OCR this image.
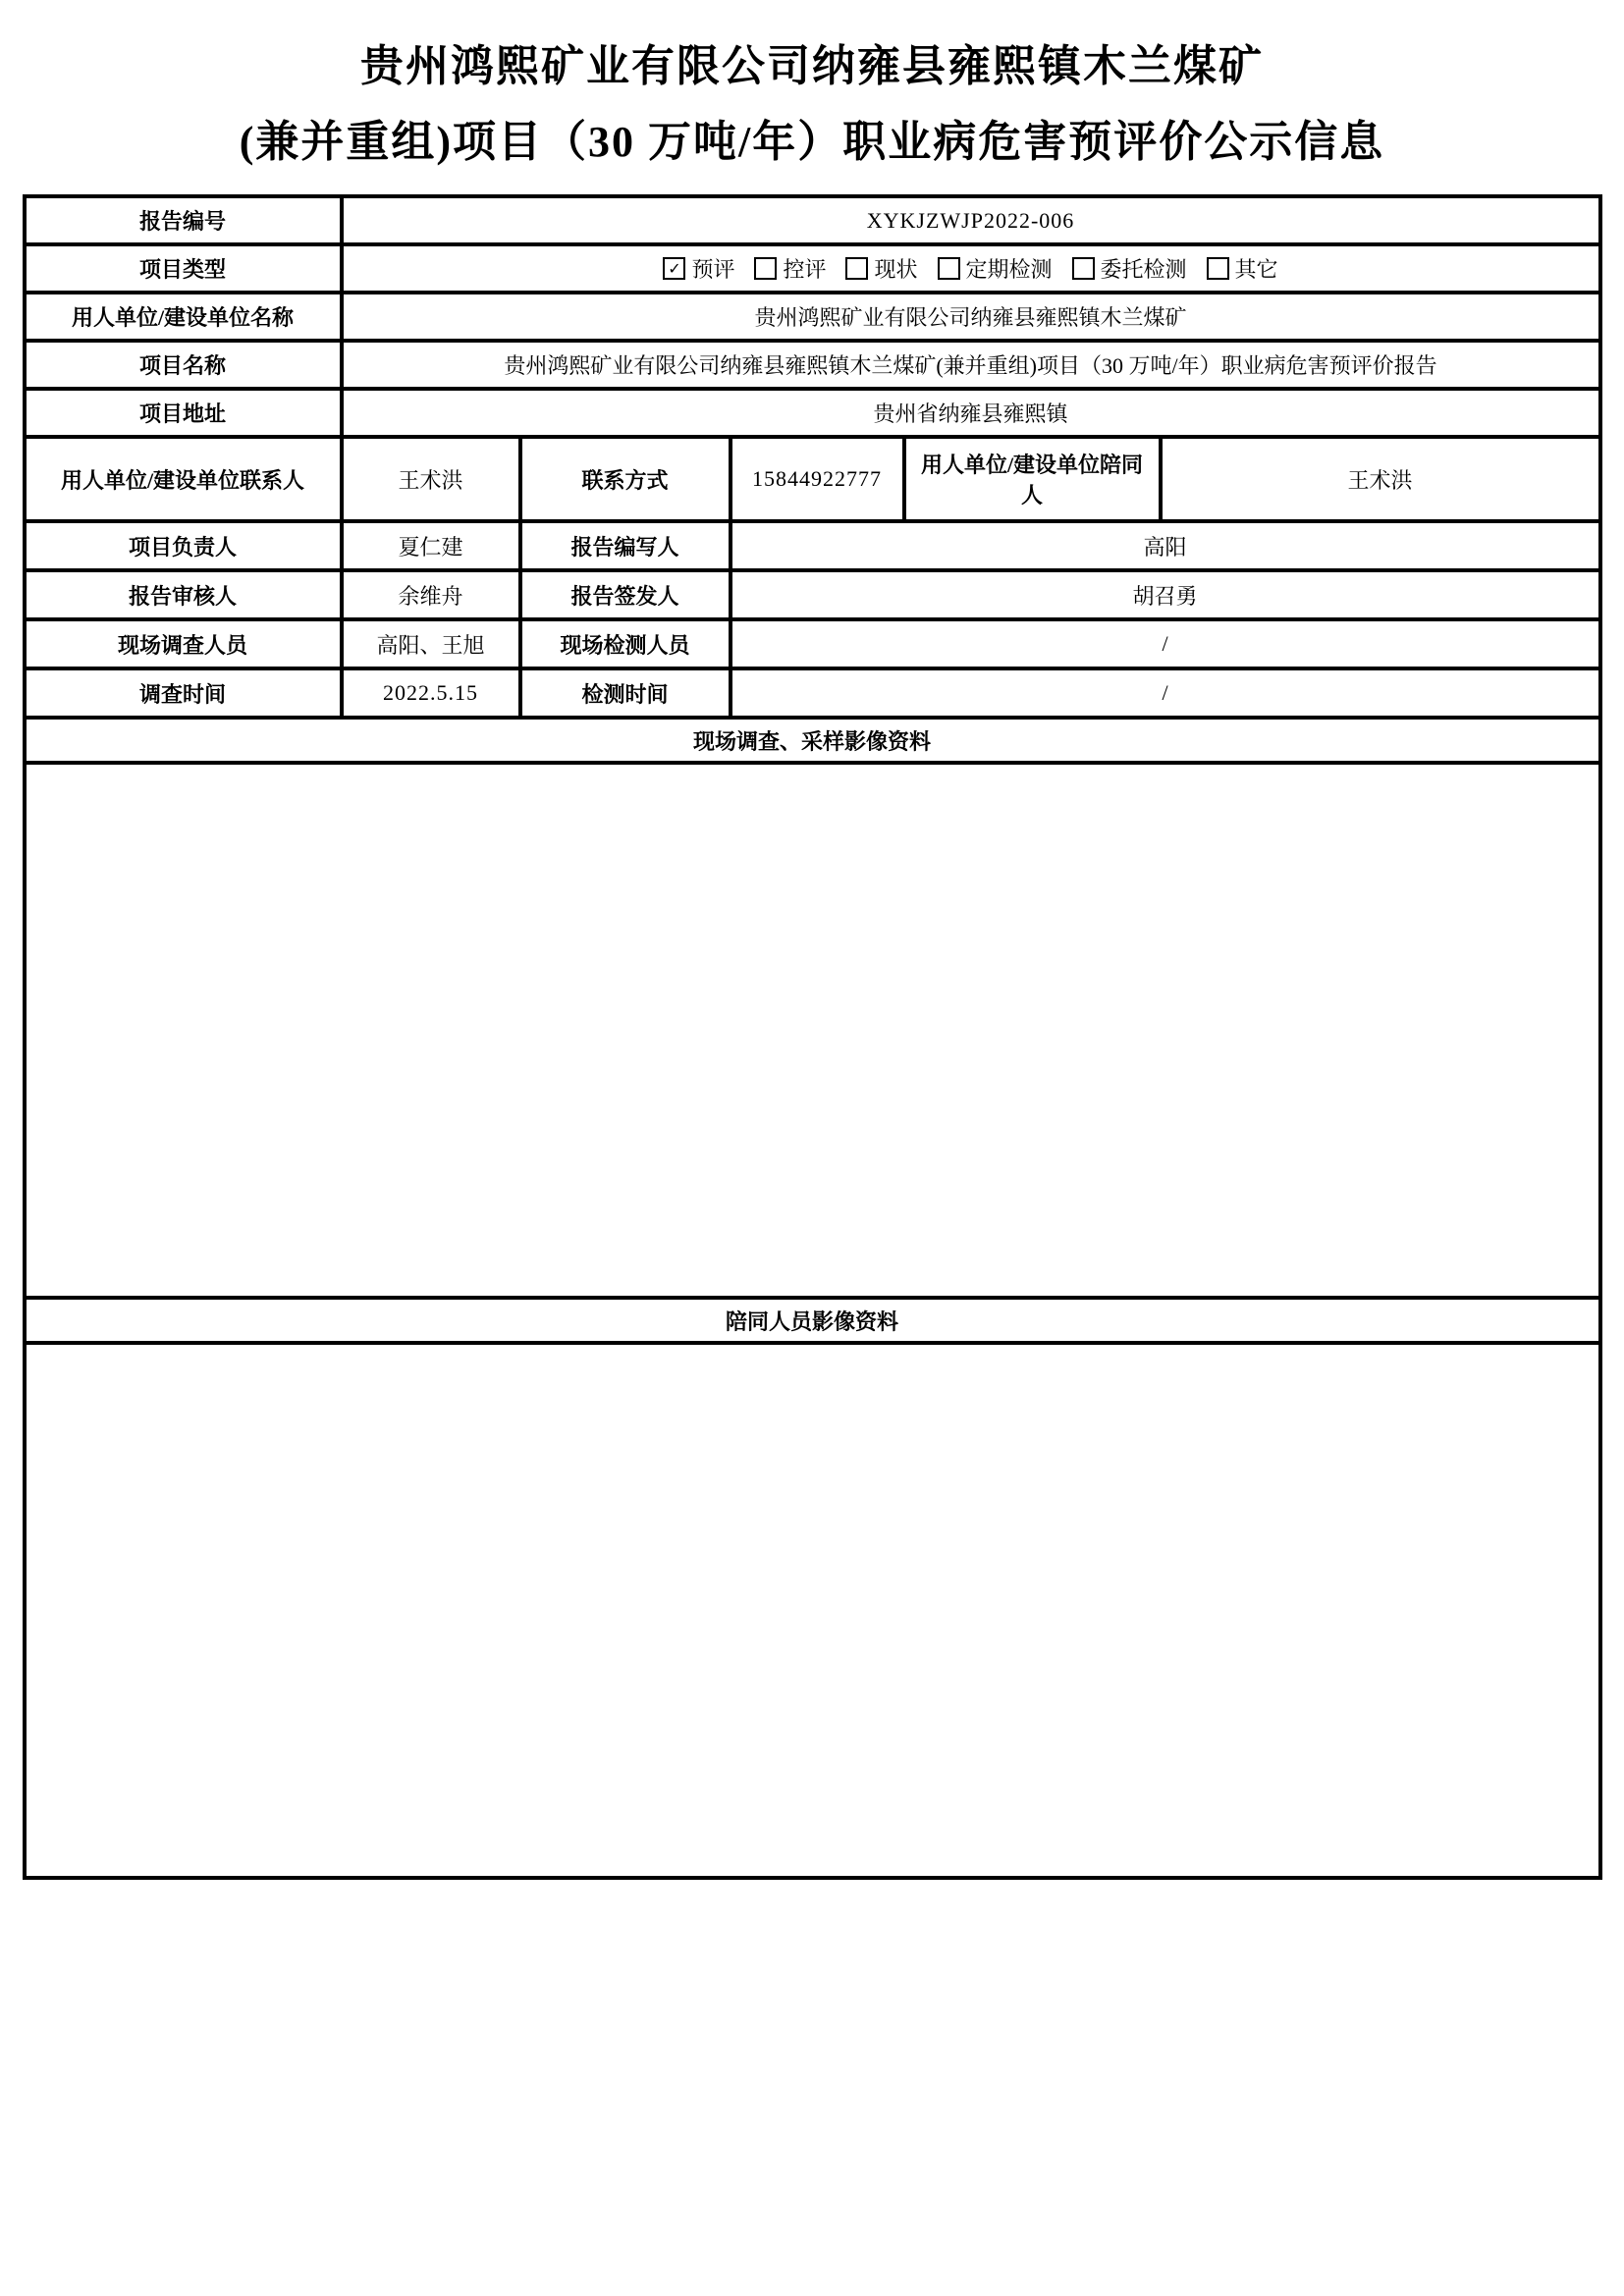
贵州鸿熙矿业有限公司纳雍县雍熙镇木兰煤矿
(兼并重组)项目（30 万吨/年）职业病危害预评价公示信息
报告编号	XYKJZWJP2022-006				
项目类型	✓ 预评 控评 现状 定期检测 委托检测 其它

用人单位/建设单位名称	贵州鸿熙矿业有限公司纳雍县雍熙镇木兰煤矿				
项目名称	贵州鸿熙矿业有限公司纳雍县雍熙镇木兰煤矿(兼并重组)项目（30 万吨/年）职业病危害预评价报告				
项目地址	贵州省纳雍县雍熙镇				
用人单位/建设单位联系人	王术洪	联系方式	15844922777	用人单位/建设单位陪同人	王术洪
项目负责人	夏仁建	报告编写人	高阳		
报告审核人	余维舟	报告签发人	胡召勇		
现场调查人员	高阳、王旭	现场检测人员	/		
调查时间	2022.5.15	检测时间	/		
现场调查、采样影像资料					

陪同人员影像资料					
